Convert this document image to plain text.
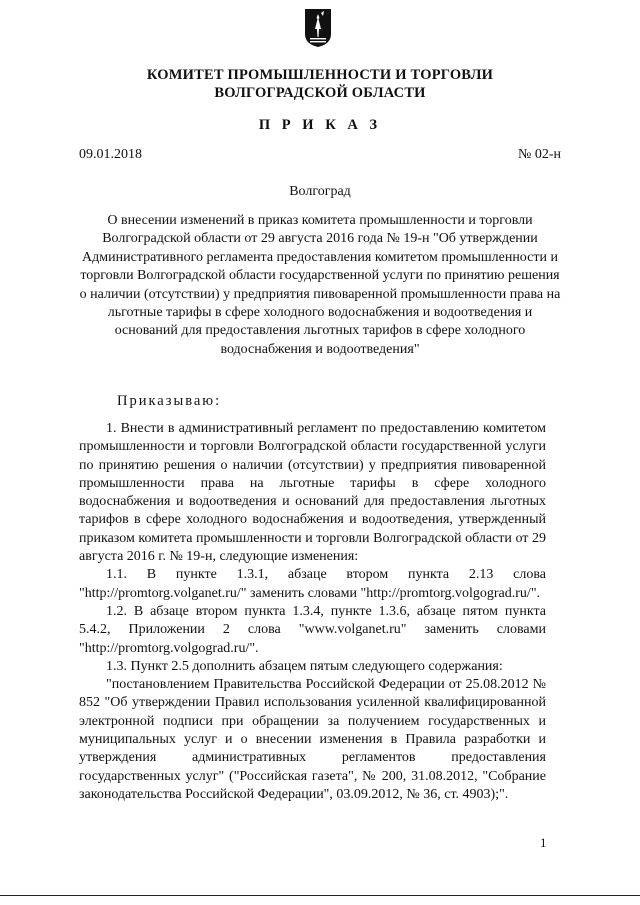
КОМИТЕТ ПРОМЫШЛЕННОСТИ И ТОРГОВЛИ
ВОЛГОГРАДСКОЙ ОБЛАСТИ
П Р И К А З
09.01.2018	№ 02-н
Волгоград
О внесении изменений в приказ комитета промышленности и торговли Волгоградской области от 29 августа 2016 года № 19-н "Об утверждении Административного регламента предоставления комитетом промышленности и торговли Волгоградской области государственной услуги по принятию решения о наличии (отсутствии) у предприятия пивоваренной промышленности права на льготные тарифы в сфере холодного водоснабжения и водоотведения и оснований для предоставления льготных тарифов в сфере холодного водоснабжения и водоотведения"
Приказываю:

1. Внести в административный регламент по предоставлению комитетом промышленности и торговли Волгоградской области государственной услуги по принятию решения о наличии (отсутствии) у предприятия пивоваренной промышленности права на льготные тарифы в сфере холодного водоснабжения и водоотведения и оснований для предоставления льготных тарифов в сфере холодного водоснабжения и водоотведения, утвержденный приказом комитета промышленности и торговли Волгоградской области от 29 августа 2016 г. № 19-н, следующие изменения:

1.1. В пункте 1.3.1, абзаце втором пункта 2.13 слова "http://promtorg.volganet.ru/" заменить словами "http://promtorg.volgograd.ru/".

1.2. В абзаце втором пункта 1.3.4, пункте 1.3.6, абзаце пятом пункта 5.4.2, Приложении 2 слова "www.volganet.ru" заменить словами "http://promtorg.volgograd.ru/".

1.3. Пункт 2.5 дополнить абзацем пятым следующего содержания:

"постановлением Правительства Российской Федерации от 25.08.2012 № 852 "Об утверждении Правил использования усиленной квалифицированной электронной подписи при обращении за получением государственных и муниципальных услуг и о внесении изменения в Правила разработки и утверждения административных регламентов предоставления государственных услуг" ("Российская газета", № 200, 31.08.2012, "Собрание законодательства Российской Федерации", 03.09.2012, № 36, ст. 4903);".

1
